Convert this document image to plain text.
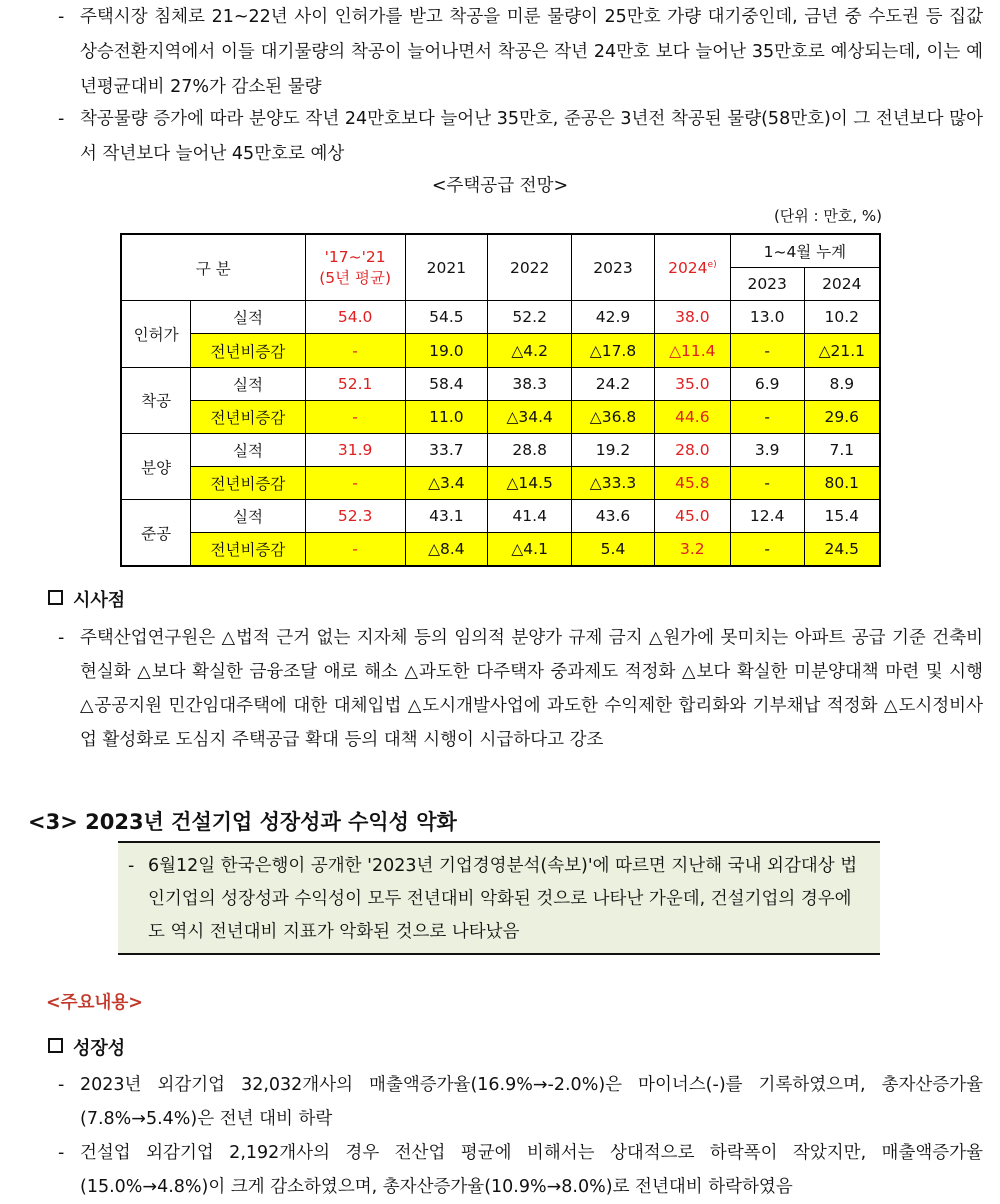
- 주택시장 침체로 21~22년 사이 인허가를 받고 착공을 미룬 물량이 25만호 가량 대기중인데, 금년 중 수도권 등 집값 상승전환지역에서 이들 대기물량의 착공이 늘어나면서 착공은 작년 24만호 보다 늘어난 35만호로 예상되는데, 이는 예년평균대비 27%가 감소된 물량
- 착공물량 증가에 따라 분양도 작년 24만호보다 늘어난 35만호, 준공은 3년전 착공된 물량(58만호)이 그 전년보다 많아서 작년보다 늘어난 45만호로 예상
<주택공급 전망>
(단위 : 만호, %)
구 분		'17~'21
(5년 평균)	2021	2022	2023	2024$^{e)}$	1~4월 누계	
							2023	2024
인허가	실적	54.0	54.5	52.2	42.9	38.0	13.0	10.2
	전년비증감	-	19.0	△4.2	△17.8	△11.4	-	△21.1
착공	실적	52.1	58.4	38.3	24.2	35.0	6.9	8.9
	전년비증감	-	11.0	△34.4	△36.8	44.6	-	29.6
분양	실적	31.9	33.7	28.8	19.2	28.0	3.9	7.1
	전년비증감	-	△3.4	△14.5	△33.3	45.8	-	80.1
준공	실적	52.3	43.1	41.4	43.6	45.0	12.4	15.4
	전년비증감	-	△8.4	△4.1	5.4	3.2	-	24.5
시사점
- 주택산업연구원은 △법적 근거 없는 지자체 등의 임의적 분양가 규제 금지 △원가에 못미치는 아파트 공급 기준 건축비 현실화 △보다 확실한 금융조달 애로 해소 △과도한 다주택자 중과제도 적정화 △보다 확실한 미분양대책 마련 및 시행 △공공지원 민간임대주택에 대한 대체입법 △도시개발사업에 과도한 수익제한 합리화와 기부채납 적정화 △도시정비사업 활성화로 도심지 주택공급 확대 등의 대책 시행이 시급하다고 강조
<3> 2023년 건설기업 성장성과 수익성 악화
- 6월12일 한국은행이 공개한 '2023년 기업경영분석(속보)'에 따르면 지난해 국내 외감대상 법인기업의 성장성과 수익성이 모두 전년대비 악화된 것으로 나타난 가운데, 건설기업의 경우에도 역시 전년대비 지표가 악화된 것으로 나타났음
<주요내용>
성장성
- 2023년 외감기업 32,032개사의 매출액증가율(16.9%→-2.0%)은 마이너스(-)를 기록하였으며, 총자산증가율(7.8%→5.4%)은 전년 대비 하락
- 건설업 외감기업 2,192개사의 경우 전산업 평균에 비해서는 상대적으로 하락폭이 작았지만, 매출액증가율(15.0%→4.8%)이 크게 감소하였으며, 총자산증가율(10.9%→8.0%)로 전년대비 하락하였음
